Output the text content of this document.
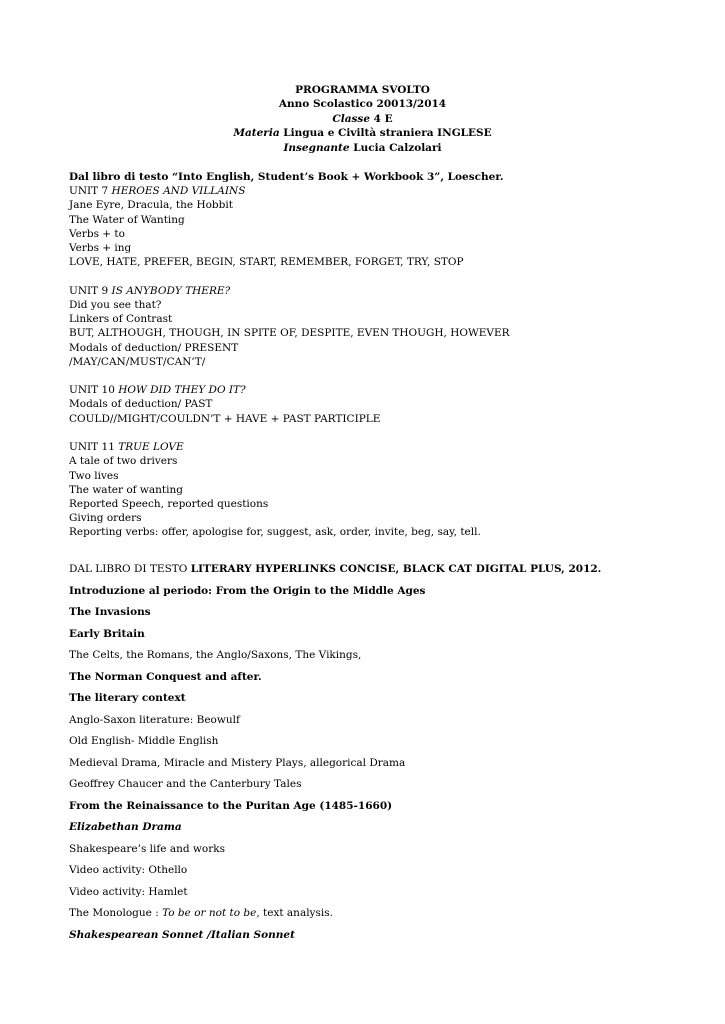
PROGRAMMA SVOLTO
Anno Scolastico 20013/2014
Classe 4 E
Materia Lingua e Civiltà straniera INGLESE
Insegnante Lucia Calzolari
Dal libro di testo “Into English, Student’s Book + Workbook 3”, Loescher.
UNIT 7 HEROES AND VILLAINS
Jane Eyre, Dracula, the Hobbit
The Water of Wanting
Verbs + to
Verbs + ing
LOVE, HATE, PREFER, BEGIN, START, REMEMBER, FORGET, TRY, STOP
UNIT 9 IS ANYBODY THERE?
Did you see that?
Linkers of Contrast
BUT, ALTHOUGH, THOUGH, IN SPITE OF, DESPITE, EVEN THOUGH, HOWEVER
Modals of deduction/ PRESENT
/MAY/CAN/MUST/CAN’T/
UNIT 10 HOW DID THEY DO IT?
Modals of deduction/ PAST
COULD//MIGHT/COULDN’T + HAVE + PAST PARTICIPLE
UNIT 11 TRUE LOVE
A tale of two drivers
Two lives
The water of wanting
Reported Speech, reported questions
Giving orders
Reporting verbs: offer, apologise for, suggest, ask, order, invite, beg, say, tell.
DAL LIBRO DI TESTO LITERARY HYPERLINKS CONCISE, BLACK CAT DIGITAL PLUS, 2012.
Introduzione al periodo: From the Origin to the Middle Ages
The Invasions
Early Britain
The Celts, the Romans, the Anglo/Saxons, The Vikings,
The Norman Conquest and after.
The literary context
Anglo-Saxon literature: Beowulf
Old English- Middle English
Medieval Drama, Miracle and Mistery Plays, allegorical Drama
Geoffrey Chaucer and the Canterbury Tales
From the Reinaissance to the Puritan Age (1485-1660)
Elizabethan Drama
Shakespeare’s life and works
Video activity: Othello
Video activity: Hamlet
The Monologue : To be or not to be, text analysis.
Shakespearean Sonnet /Italian Sonnet
